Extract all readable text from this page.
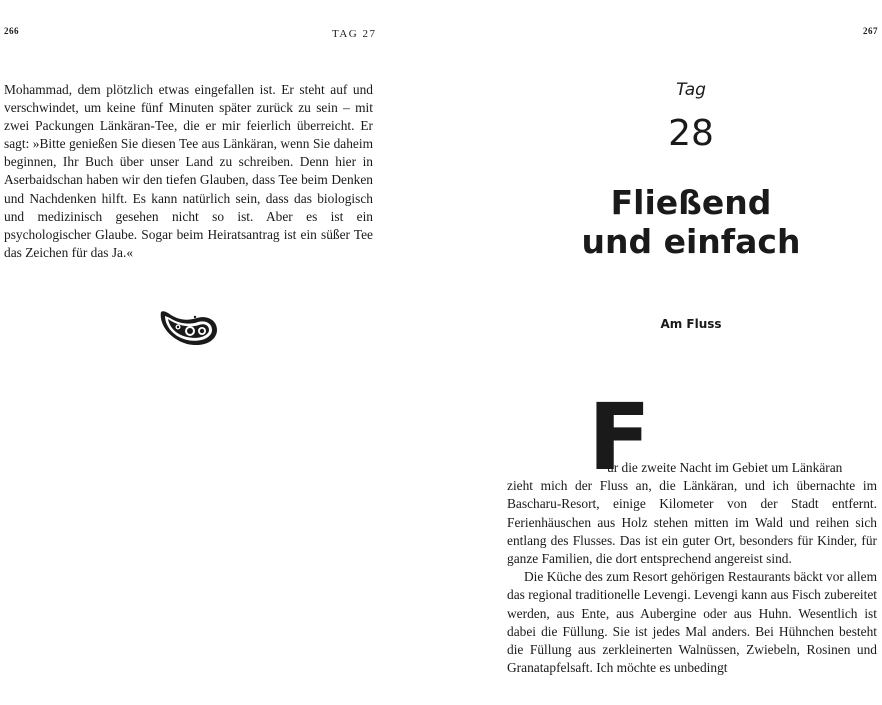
266	TAG 27	267

Mohammad, dem plötzlich etwas eingefallen ist. Er steht auf und verschwindet, um keine fünf Minuten später zurück zu sein – mit zwei Packungen Länkäran-Tee, die er mir feierlich überreicht. Er sagt: »Bitte genießen Sie diesen Tee aus Länkäran, wenn Sie daheim beginnen, Ihr Buch über unser Land zu schreiben. Denn hier in Aserbaidschan haben wir den tiefen Glauben, dass Tee beim Denken und Nachdenken hilft. Es kann natürlich sein, dass das biologisch und medizinisch gesehen nicht so ist. Aber es ist ein psychologischer Glaube. Sogar beim Heiratsantrag ist ein süßer Tee das Zeichen für das Ja.«

Tag
28
Fließend
und einfach
Am Fluss
F
ür die zweite Nacht im Gebiet um Länkäran

zieht mich der Fluss an, die Länkäran, und ich übernachte im Bascharu-Resort, einige Kilometer von der Stadt entfernt. Ferienhäuschen aus Holz stehen mitten im Wald und reihen sich entlang des Flusses. Das ist ein guter Ort, besonders für Kinder, für ganze Familien, die dort entsprechend angereist sind.

Die Küche des zum Resort gehörigen Restaurants bäckt vor allem das regional traditionelle Levengi. Levengi kann aus Fisch zubereitet werden, aus Ente, aus Aubergine oder aus Huhn. Wesentlich ist dabei die Füllung. Sie ist jedes Mal anders. Bei Hühnchen besteht die Füllung aus zerkleinerten Walnüssen, Zwiebeln, Rosinen und Granatapfelsaft. Ich möchte es unbedingt
